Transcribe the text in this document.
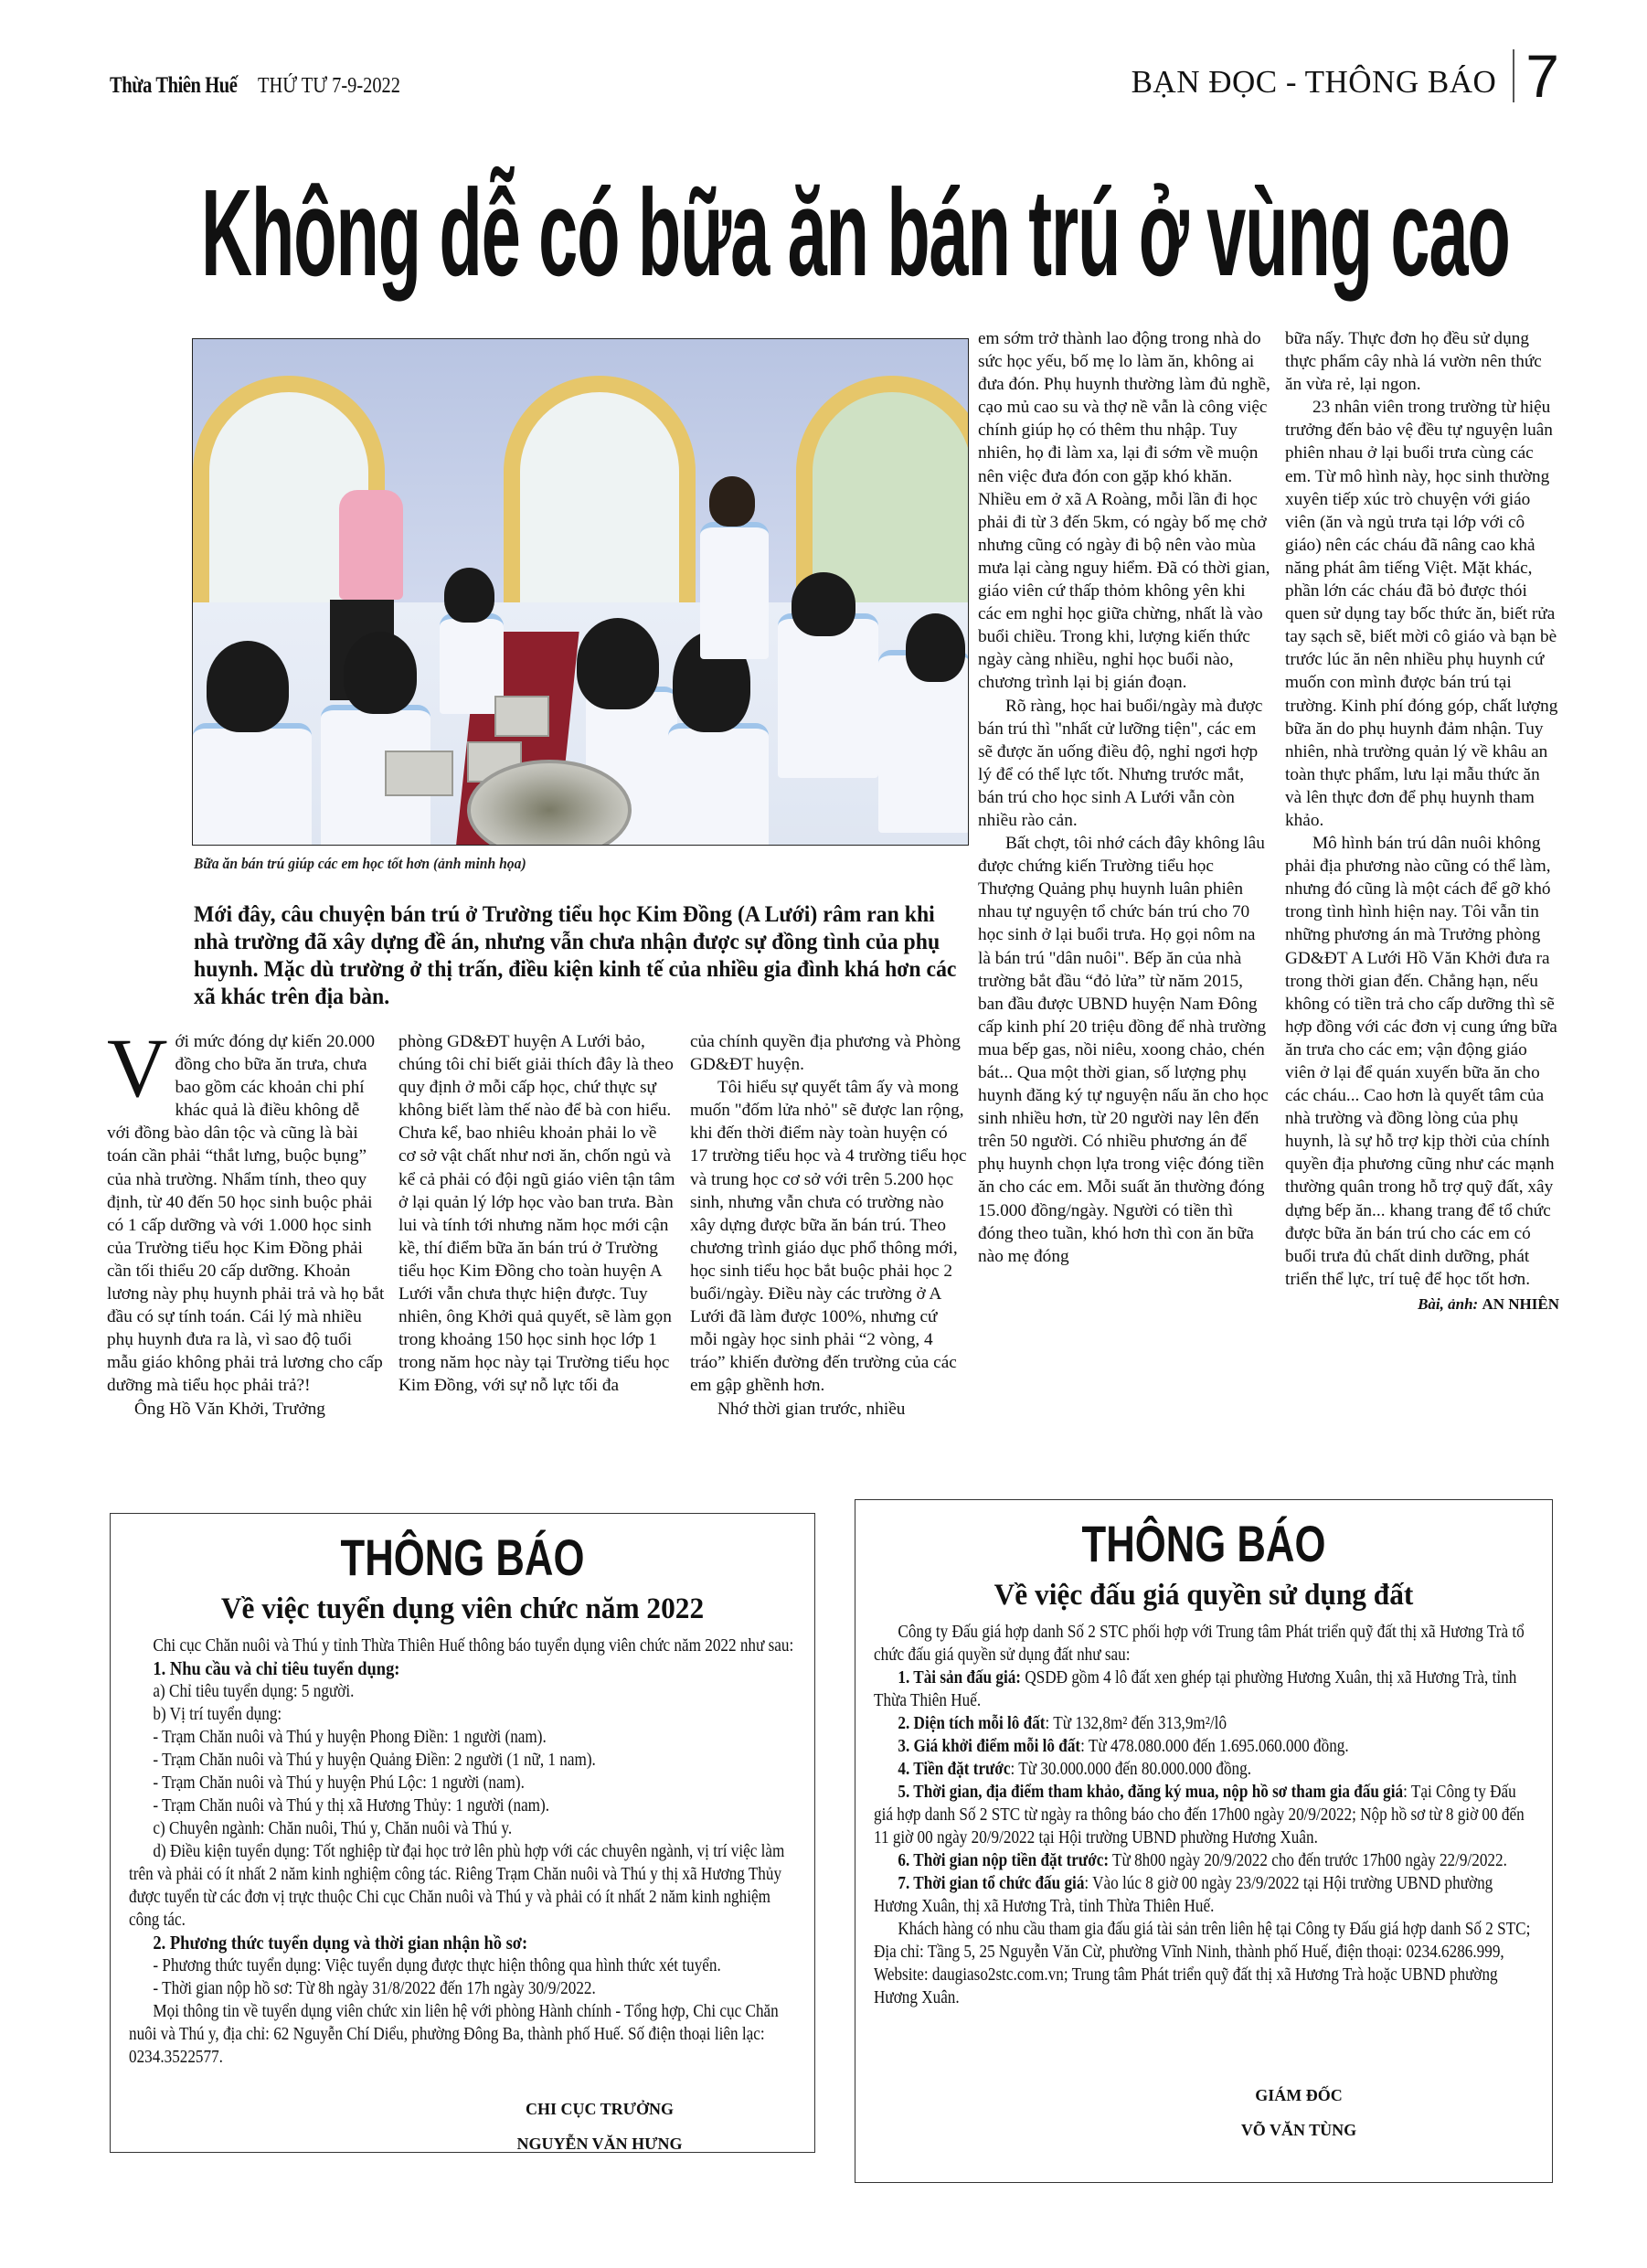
Thừa Thiên Huế THỨ TƯ 7-9-2022	BẠN ĐỌC - THÔNG BÁO 7
Không dễ có bữa ăn bán trú ở vùng cao
Bữa ăn bán trú giúp các em học tốt hơn (ảnh minh họa)
Mới đây, câu chuyện bán trú ở Trường tiểu học Kim Đồng (A Lưới) râm ran khi nhà trường đã xây dựng đề án, nhưng vẫn chưa nhận được sự đồng tình của phụ huynh. Mặc dù trường ở thị trấn, điều kiện kinh tế của nhiều gia đình khá hơn các xã khác trên địa bàn.

Với mức đóng dự kiến 20.000 đồng cho bữa ăn trưa, chưa bao gồm các khoản chi phí khác quả là điều không dễ với đồng bào dân tộc và cũng là bài toán cần phải “thắt lưng, buộc bụng” của nhà trường. Nhẩm tính, theo quy định, từ 40 đến 50 học sinh buộc phải có 1 cấp dưỡng và với 1.000 học sinh của Trường tiểu học Kim Đồng phải cần tối thiểu 20 cấp dưỡng. Khoản lương này phụ huynh phải trả và họ bắt đầu có sự tính toán. Cái lý mà nhiều phụ huynh đưa ra là, vì sao độ tuổi mẫu giáo không phải trả lương cho cấp dưỡng mà tiểu học phải trả?!

Ông Hồ Văn Khởi, Trưởng

phòng GD&ĐT huyện A Lưới bảo, chúng tôi chỉ biết giải thích đây là theo quy định ở mỗi cấp học, chứ thực sự không biết làm thế nào để bà con hiểu. Chưa kể, bao nhiêu khoản phải lo về cơ sở vật chất như nơi ăn, chốn ngủ và kể cả phải có đội ngũ giáo viên tận tâm ở lại quản lý lớp học vào ban trưa. Bàn lui và tính tới nhưng năm học mới cận kề, thí điểm bữa ăn bán trú ở Trường tiểu học Kim Đồng cho toàn huyện A Lưới vẫn chưa thực hiện được. Tuy nhiên, ông Khởi quả quyết, sẽ làm gọn trong khoảng 150 học sinh học lớp 1 trong năm học này tại Trường tiểu học Kim Đồng, với sự nỗ lực tối đa

của chính quyền địa phương và Phòng GD&ĐT huyện.

Tôi hiểu sự quyết tâm ấy và mong muốn "đốm lửa nhỏ" sẽ được lan rộng, khi đến thời điểm này toàn huyện có 17 trường tiểu học và 4 trường tiểu học và trung học cơ sở với trên 5.200 học sinh, nhưng vẫn chưa có trường nào xây dựng được bữa ăn bán trú. Theo chương trình giáo dục phổ thông mới, học sinh tiểu học bắt buộc phải học 2 buổi/ngày. Điều này các trường ở A Lưới đã làm được 100%, nhưng cứ mỗi ngày học sinh phải “2 vòng, 4 tráo” khiến đường đến trường của các em gập ghềnh hơn.

Nhớ thời gian trước, nhiều

em sớm trở thành lao động trong nhà do sức học yếu, bố mẹ lo làm ăn, không ai đưa đón. Phụ huynh thường làm đủ nghề, cạo mủ cao su và thợ nề vẫn là công việc chính giúp họ có thêm thu nhập. Tuy nhiên, họ đi làm xa, lại đi sớm về muộn nên việc đưa đón con gặp khó khăn. Nhiều em ở xã A Roàng, mỗi lần đi học phải đi từ 3 đến 5km, có ngày bố mẹ chở nhưng cũng có ngày đi bộ nên vào mùa mưa lại càng nguy hiểm. Đã có thời gian, giáo viên cứ thấp thỏm không yên khi các em nghỉ học giữa chừng, nhất là vào buổi chiều. Trong khi, lượng kiến thức ngày càng nhiều, nghỉ học buổi nào, chương trình lại bị gián đoạn.

Rõ ràng, học hai buổi/ngày mà được bán trú thì "nhất cử lưỡng tiện", các em sẽ được ăn uống điều độ, nghỉ ngơi hợp lý để có thể lực tốt. Nhưng trước mắt, bán trú cho học sinh A Lưới vẫn còn nhiều rào cản.

Bất chợt, tôi nhớ cách đây không lâu được chứng kiến Trường tiểu học Thượng Quảng phụ huynh luân phiên nhau tự nguyện tổ chức bán trú cho 70 học sinh ở lại buổi trưa. Họ gọi nôm na là bán trú "dân nuôi". Bếp ăn của nhà trường bắt đầu “đỏ lửa” từ năm 2015, ban đầu được UBND huyện Nam Đông cấp kinh phí 20 triệu đồng để nhà trường mua bếp gas, nồi niêu, xoong chảo, chén bát... Qua một thời gian, số lượng phụ huynh đăng ký tự nguyện nấu ăn cho học sinh nhiều hơn, từ 20 người nay lên đến trên 50 người. Có nhiều phương án để phụ huynh chọn lựa trong việc đóng tiền ăn cho các em. Mỗi suất ăn thường đóng 15.000 đồng/ngày. Người có tiền thì đóng theo tuần, khó hơn thì con ăn bữa nào mẹ đóng

bữa nấy. Thực đơn họ đều sử dụng thực phẩm cây nhà lá vườn nên thức ăn vừa rẻ, lại ngon.

23 nhân viên trong trường từ hiệu trưởng đến bảo vệ đều tự nguyện luân phiên nhau ở lại buổi trưa cùng các em. Từ mô hình này, học sinh thường xuyên tiếp xúc trò chuyện với giáo viên (ăn và ngủ trưa tại lớp với cô giáo) nên các cháu đã nâng cao khả năng phát âm tiếng Việt. Mặt khác, phần lớn các cháu đã bỏ được thói quen sử dụng tay bốc thức ăn, biết rửa tay sạch sẽ, biết mời cô giáo và bạn bè trước lúc ăn nên nhiều phụ huynh cứ muốn con mình được bán trú tại trường. Kinh phí đóng góp, chất lượng bữa ăn do phụ huynh đảm nhận. Tuy nhiên, nhà trường quản lý về khâu an toàn thực phẩm, lưu lại mẫu thức ăn và lên thực đơn để phụ huynh tham khảo.

Mô hình bán trú dân nuôi không phải địa phương nào cũng có thể làm, nhưng đó cũng là một cách để gỡ khó trong tình hình hiện nay. Tôi vẫn tin những phương án mà Trưởng phòng GD&ĐT A Lưới Hồ Văn Khởi đưa ra trong thời gian đến. Chẳng hạn, nếu không có tiền trả cho cấp dưỡng thì sẽ hợp đồng với các đơn vị cung ứng bữa ăn trưa cho các em; vận động giáo viên ở lại để quán xuyến bữa ăn cho các cháu... Cao hơn là quyết tâm của nhà trường và đồng lòng của phụ huynh, là sự hỗ trợ kịp thời của chính quyền địa phương cũng như các mạnh thường quân trong hỗ trợ quỹ đất, xây dựng bếp ăn... khang trang để tổ chức được bữa ăn bán trú cho các em có buổi trưa đủ chất dinh dưỡng, phát triển thể lực, trí tuệ để học tốt hơn.

Bài, ảnh: AN NHIÊN
THÔNG BÁO
Về việc tuyển dụng viên chức năm 2022

Chi cục Chăn nuôi và Thú y tỉnh Thừa Thiên Huế thông báo tuyển dụng viên chức năm 2022 như sau:

1. Nhu cầu và chỉ tiêu tuyển dụng:

a) Chỉ tiêu tuyển dụng: 5 người.

b) Vị trí tuyển dụng:

- Trạm Chăn nuôi và Thú y huyện Phong Điền: 1 người (nam).

- Trạm Chăn nuôi và Thú y huyện Quảng Điền: 2 người (1 nữ, 1 nam).

- Trạm Chăn nuôi và Thú y huyện Phú Lộc: 1 người (nam).

- Trạm Chăn nuôi và Thú y thị xã Hương Thủy: 1 người (nam).

c) Chuyên ngành: Chăn nuôi, Thú y, Chăn nuôi và Thú y.

d) Điều kiện tuyển dụng: Tốt nghiệp từ đại học trở lên phù hợp với các chuyên ngành, vị trí việc làm trên và phải có ít nhất 2 năm kinh nghiệm công tác. Riêng Trạm Chăn nuôi và Thú y thị xã Hương Thủy được tuyển từ các đơn vị trực thuộc Chi cục Chăn nuôi và Thú y và phải có ít nhất 2 năm kinh nghiệm công tác.

2. Phương thức tuyển dụng và thời gian nhận hồ sơ:

- Phương thức tuyển dụng: Việc tuyển dụng được thực hiện thông qua hình thức xét tuyển.

- Thời gian nộp hồ sơ: Từ 8h ngày 31/8/2022 đến 17h ngày 30/9/2022.

Mọi thông tin về tuyển dụng viên chức xin liên hệ với phòng Hành chính - Tổng hợp, Chi cục Chăn nuôi và Thú y, địa chỉ: 62 Nguyễn Chí Diểu, phường Đông Ba, thành phố Huế. Số điện thoại liên lạc: 0234.3522577.

CHI CỤC TRƯỞNG
NGUYỄN VĂN HƯNG
THÔNG BÁO
Về việc đấu giá quyền sử dụng đất

Công ty Đấu giá hợp danh Số 2 STC phối hợp với Trung tâm Phát triển quỹ đất thị xã Hương Trà tổ chức đấu giá quyền sử dụng đất như sau:

1. Tài sản đấu giá: QSDĐ gồm 4 lô đất xen ghép tại phường Hương Xuân, thị xã Hương Trà, tỉnh Thừa Thiên Huế.

2. Diện tích mỗi lô đất: Từ 132,8m² đến 313,9m²/lô

3. Giá khởi điểm mỗi lô đất: Từ 478.080.000 đến 1.695.060.000 đồng.

4. Tiền đặt trước: Từ 30.000.000 đến 80.000.000 đồng.

5. Thời gian, địa điểm tham khảo, đăng ký mua, nộp hồ sơ tham gia đấu giá: Tại Công ty Đấu giá hợp danh Số 2 STC từ ngày ra thông báo cho đến 17h00 ngày 20/9/2022; Nộp hồ sơ từ 8 giờ 00 đến 11 giờ 00 ngày 20/9/2022 tại Hội trường UBND phường Hương Xuân.

6. Thời gian nộp tiền đặt trước: Từ 8h00 ngày 20/9/2022 cho đến trước 17h00 ngày 22/9/2022.

7. Thời gian tổ chức đấu giá: Vào lúc 8 giờ 00 ngày 23/9/2022 tại Hội trường UBND phường Hương Xuân, thị xã Hương Trà, tỉnh Thừa Thiên Huế.

Khách hàng có nhu cầu tham gia đấu giá tài sản trên liên hệ tại Công ty Đấu giá hợp danh Số 2 STC; Địa chỉ: Tầng 5, 25 Nguyễn Văn Cừ, phường Vĩnh Ninh, thành phố Huế, điện thoại: 0234.6286.999, Website: daugiaso2stc.com.vn; Trung tâm Phát triển quỹ đất thị xã Hương Trà hoặc UBND phường Hương Xuân.

GIÁM ĐỐC
VÕ VĂN TÙNG
